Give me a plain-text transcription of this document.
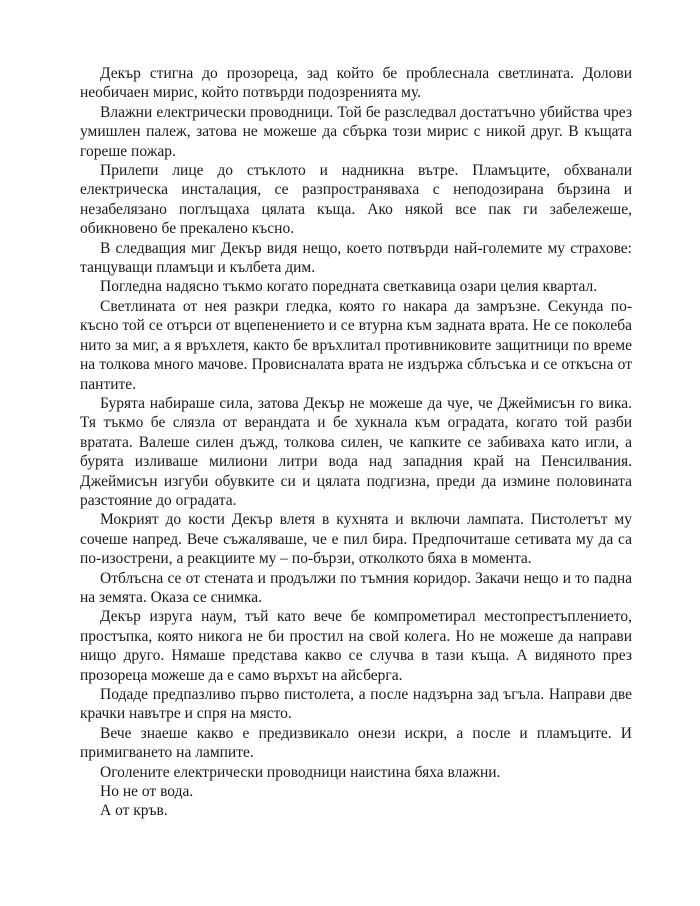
Декър стигна до прозореца, зад който бе проблеснала светлината. Долови необичаен мирис, който потвърди подозренията му.

Влажни електрически проводници. Той бе разследвал достатъчно убийства чрез умишлен палеж, затова не можеше да сбърка този мирис с никой друг. В къщата гореше пожар.

Прилепи лице до стъклото и надникна вътре. Пламъците, обхванали електрическа инсталация, се разпространяваха с неподозирана бързина и незабелязано поглъщаха цялата къща. Ако някой все пак ги забележеше, обикновено бе прекалено късно.

В следващия миг Декър видя нещо, което потвърди най-големите му страхове: танцуващи пламъци и кълбета дим.

Погледна надясно тъкмо когато поредната светкавица озари целия квартал.

Светлината от нея разкри гледка, която го накара да замръзне. Секунда по-късно той се отърси от вцепенението и се втурна към задната врата. Не се поколеба нито за миг, а я връхлетя, както бе връхлитал противниковите защитници по време на толкова много мачове. Провисналата врата не издържа сблъсъка и се откъсна от пантите.

Бурята набираше сила, затова Декър не можеше да чуе, че Джеймисън го вика. Тя тъкмо бе слязла от верандата и бе хукнала към оградата, когато той разби вратата. Валеше силен дъжд, толкова силен, че капките се забиваха като игли, а бурята изливаше милиони литри вода над западния край на Пенсилвания. Джеймисън изгуби обувките си и цялата подгизна, преди да измине половината разстояние до оградата.

Мокрият до кости Декър влетя в кухнята и включи лампата. Пистолетът му сочеше напред. Вече съжаляваше, че е пил бира. Предпочиташе сетивата му да са по-изострени, а реакциите му – по-бързи, отколкото бяха в момента.

Отблъсна се от стената и продължи по тъмния коридор. Закачи нещо и то падна на земята. Оказа се снимка.

Декър изруга наум, тъй като вече бе компрометирал местопрестъплението, простъпка, която никога не би простил на свой колега. Но не можеше да направи нищо друго. Нямаше представа какво се случва в тази къща. А видяното през прозореца можеше да е само върхът на айсберга.

Подаде предпазливо първо пистолета, а после надзърна зад ъгъла. Направи две крачки навътре и спря на място.

Вече знаеше какво е предизвикало онези искри, а после и пламъците. И примигването на лампите.

Оголените електрически проводници наистина бяха влажни.

Но не от вода.

А от кръв.
